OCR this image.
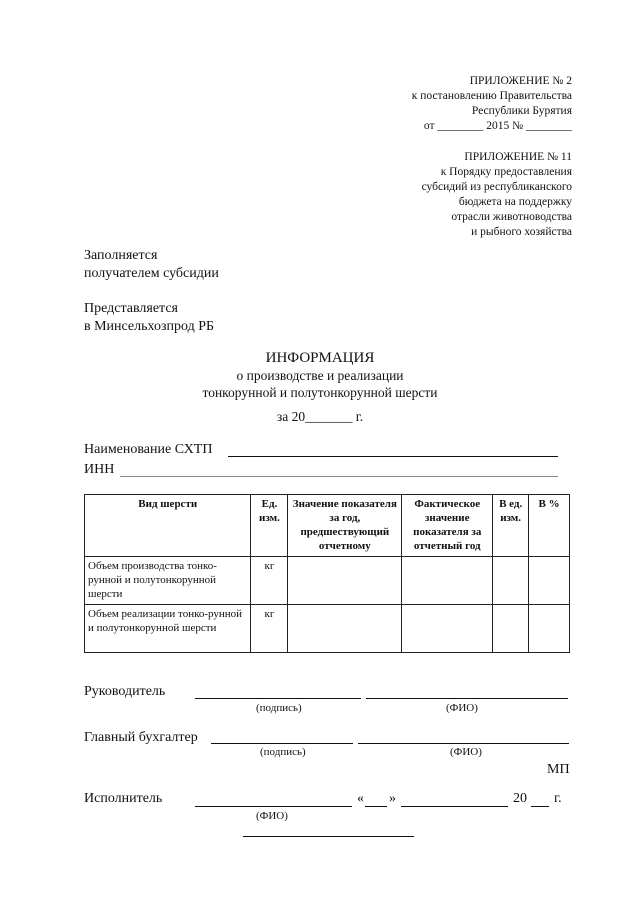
ПРИЛОЖЕНИЕ № 2
к постановлению Правительства
Республики Бурятия
от ________ 2015 № ________
ПРИЛОЖЕНИЕ № 11
к Порядку предоставления
субсидий из республиканского
бюджета на поддержку
отрасли животноводства
и рыбного хозяйства
Заполняется
получателем субсидии
Представляется
в Минсельхозпрод РБ
ИНФОРМАЦИЯ
о производстве и реализации
тонкорунной и полутонкорунной шерсти
за 20_______ г.
Наименование СХТП
ИНН
Вид шерсти	Ед. изм.	Значение показателя за год, предшествующий отчетному	Фактическое значение показателя за отчетный год	В ед. изм.	В %
Объем производства тонко-рунной и полутонкорунной шерсти	кг				
Объем реализации тонко-рунной и полутонкорунной шерсти	кг				
Руководитель
(подпись)	(ФИО)
Главный бухгалтер
(подпись)	(ФИО)
МП
Исполнитель	« »	20 г.
(ФИО)
